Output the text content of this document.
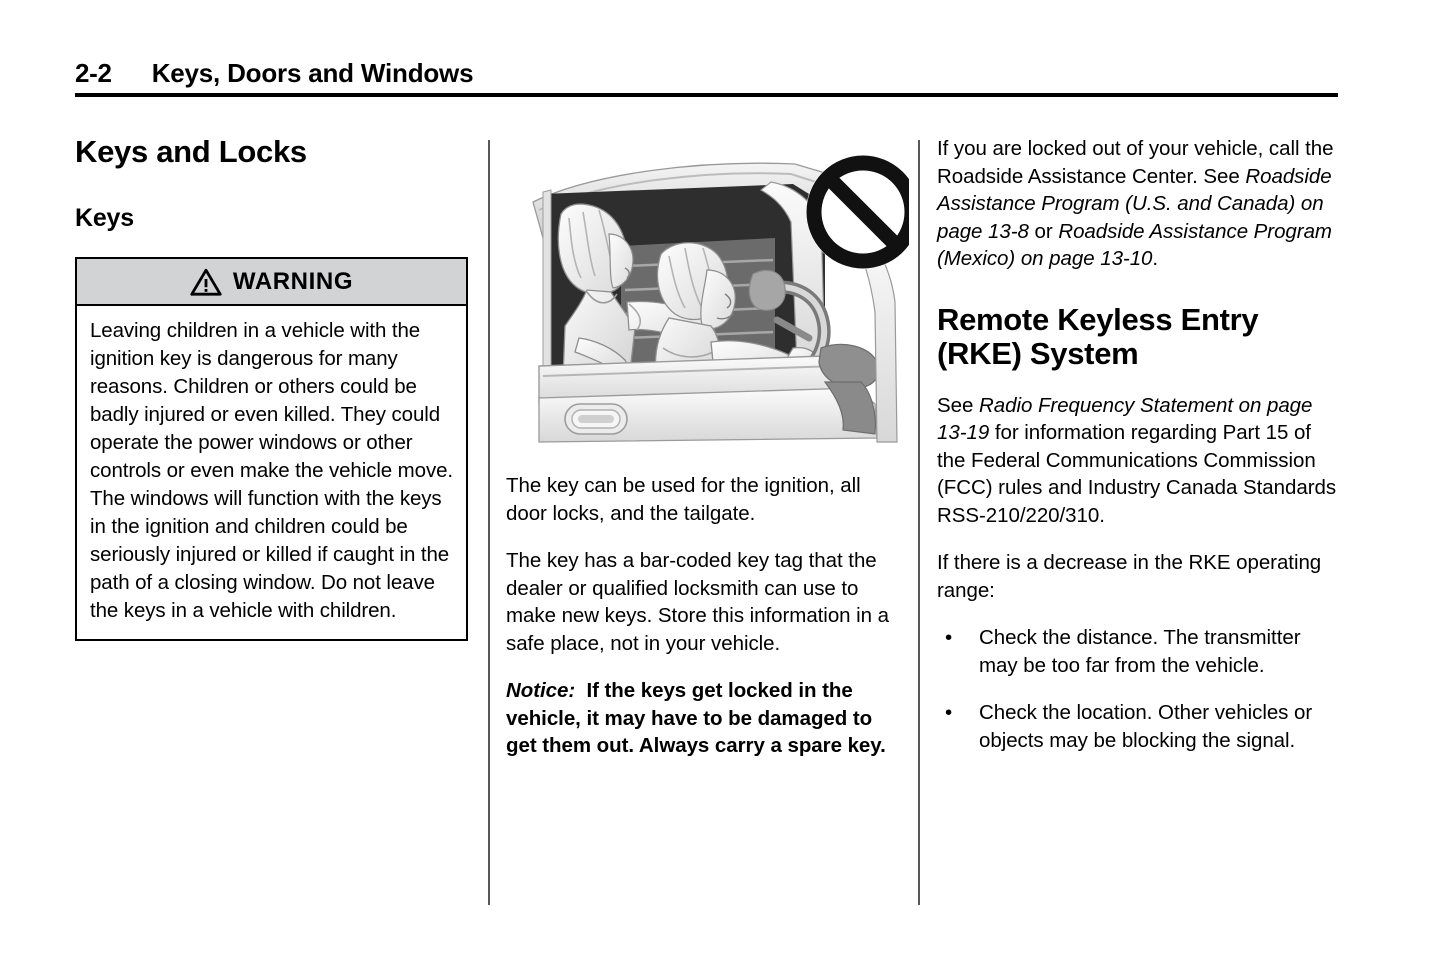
2-2 Keys, Doors and Windows
Keys and Locks
Keys
WARNING

Leaving children in a vehicle with the ignition key is dangerous for many reasons. Children or others could be badly injured or even killed. They could operate the power windows or other controls or even make the vehicle move. The windows will function with the keys in the ignition and children could be seriously injured or killed if caught in the path of a closing window. Do not leave the keys in a vehicle with children.

The key can be used for the ignition, all door locks, and the tailgate.

The key has a bar-coded key tag that the dealer or qualified locksmith can use to make new keys. Store this information in a safe place, not in your vehicle.

Notice: If the keys get locked in the vehicle, it may have to be damaged to get them out. Always carry a spare key.

If you are locked out of your vehicle, call the Roadside Assistance Center. See Roadside Assistance Program (U.S. and Canada) on page 13-8 or Roadside Assistance Program (Mexico) on page 13-10.

Remote Keyless Entry (RKE) System

See Radio Frequency Statement on page 13-19 for information regarding Part 15 of the Federal Communications Commission (FCC) rules and Industry Canada Standards RSS-210/220/310.

If there is a decrease in the RKE operating range:

• Check the distance. The transmitter may be too far from the vehicle.
• Check the location. Other vehicles or objects may be blocking the signal.
